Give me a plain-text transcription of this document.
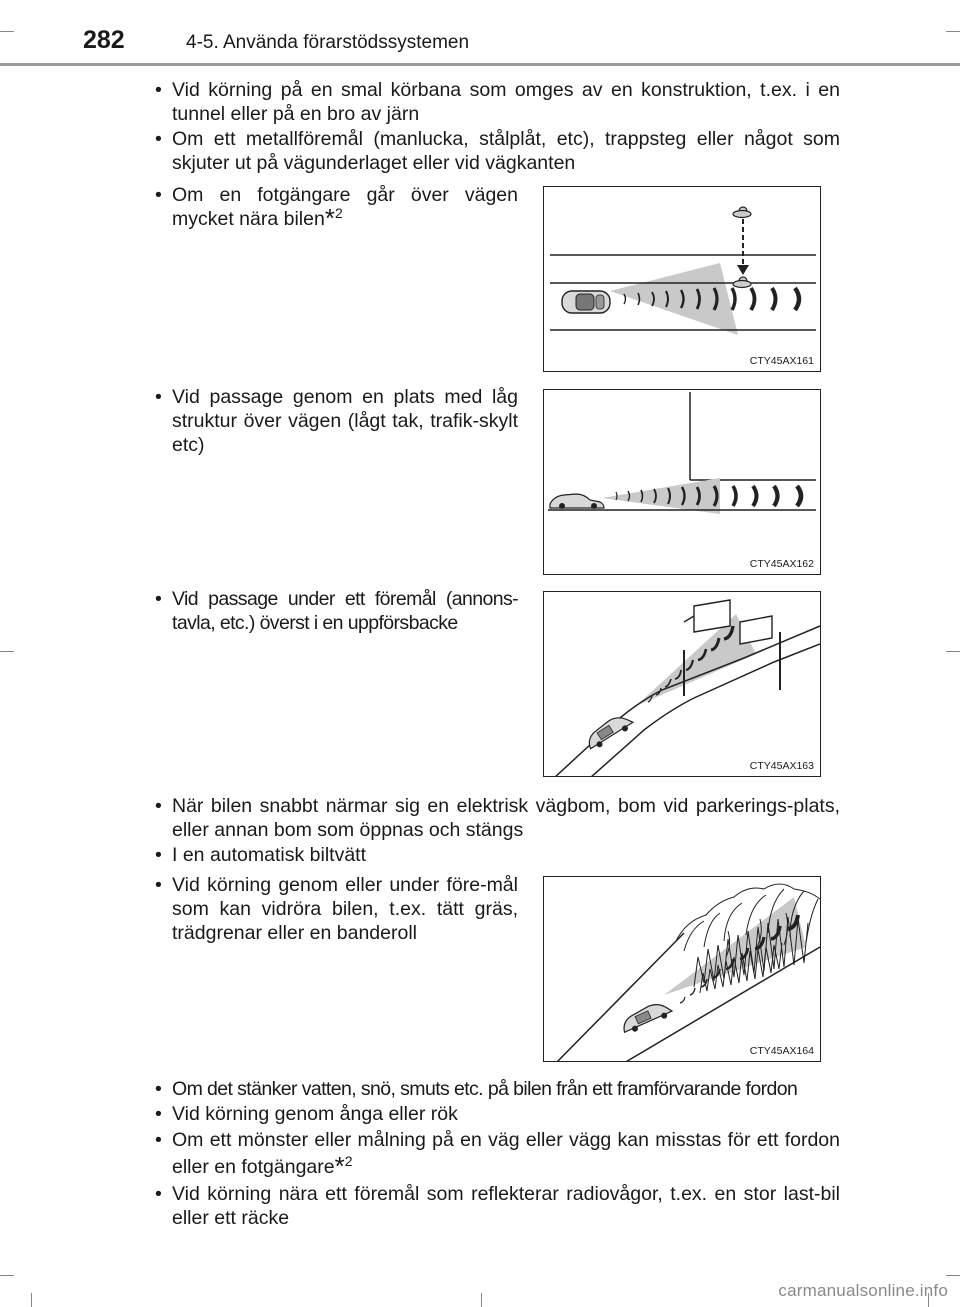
282	4-5. Använda förarstödssystemen
• Vid körning på en smal körbana som omges av en konstruktion, t.ex. i en tunnel eller på en bro av järn
• Om ett metallföremål (manlucka, stålplåt, etc), trappsteg eller något som skjuter ut på vägunderlaget eller vid vägkanten
• Om en fotgängare går över vägen mycket nära bilen*$^2$
CTY45AX161
• Vid passage genom en plats med låg struktur över vägen (lågt tak, trafik-skylt etc)
CTY45AX162
• Vid passage under ett föremål (annons-tavla, etc.) överst i en uppförsbacke
CTY45AX163
• När bilen snabbt närmar sig en elektrisk vägbom, bom vid parkerings-plats, eller annan bom som öppnas och stängs
• I en automatisk biltvätt
• Vid körning genom eller under före-mål som kan vidröra bilen, t.ex. tätt gräs, trädgrenar eller en banderoll
CTY45AX164
• Om det stänker vatten, snö, smuts etc. på bilen från ett framförvarande fordon
• Vid körning genom ånga eller rök
• Om ett mönster eller målning på en väg eller vägg kan misstas för ett fordon eller en fotgängare*$^2$
• Vid körning nära ett föremål som reflekterar radiovågor, t.ex. en stor last-bil eller ett räcke
carmanualsonline.info
